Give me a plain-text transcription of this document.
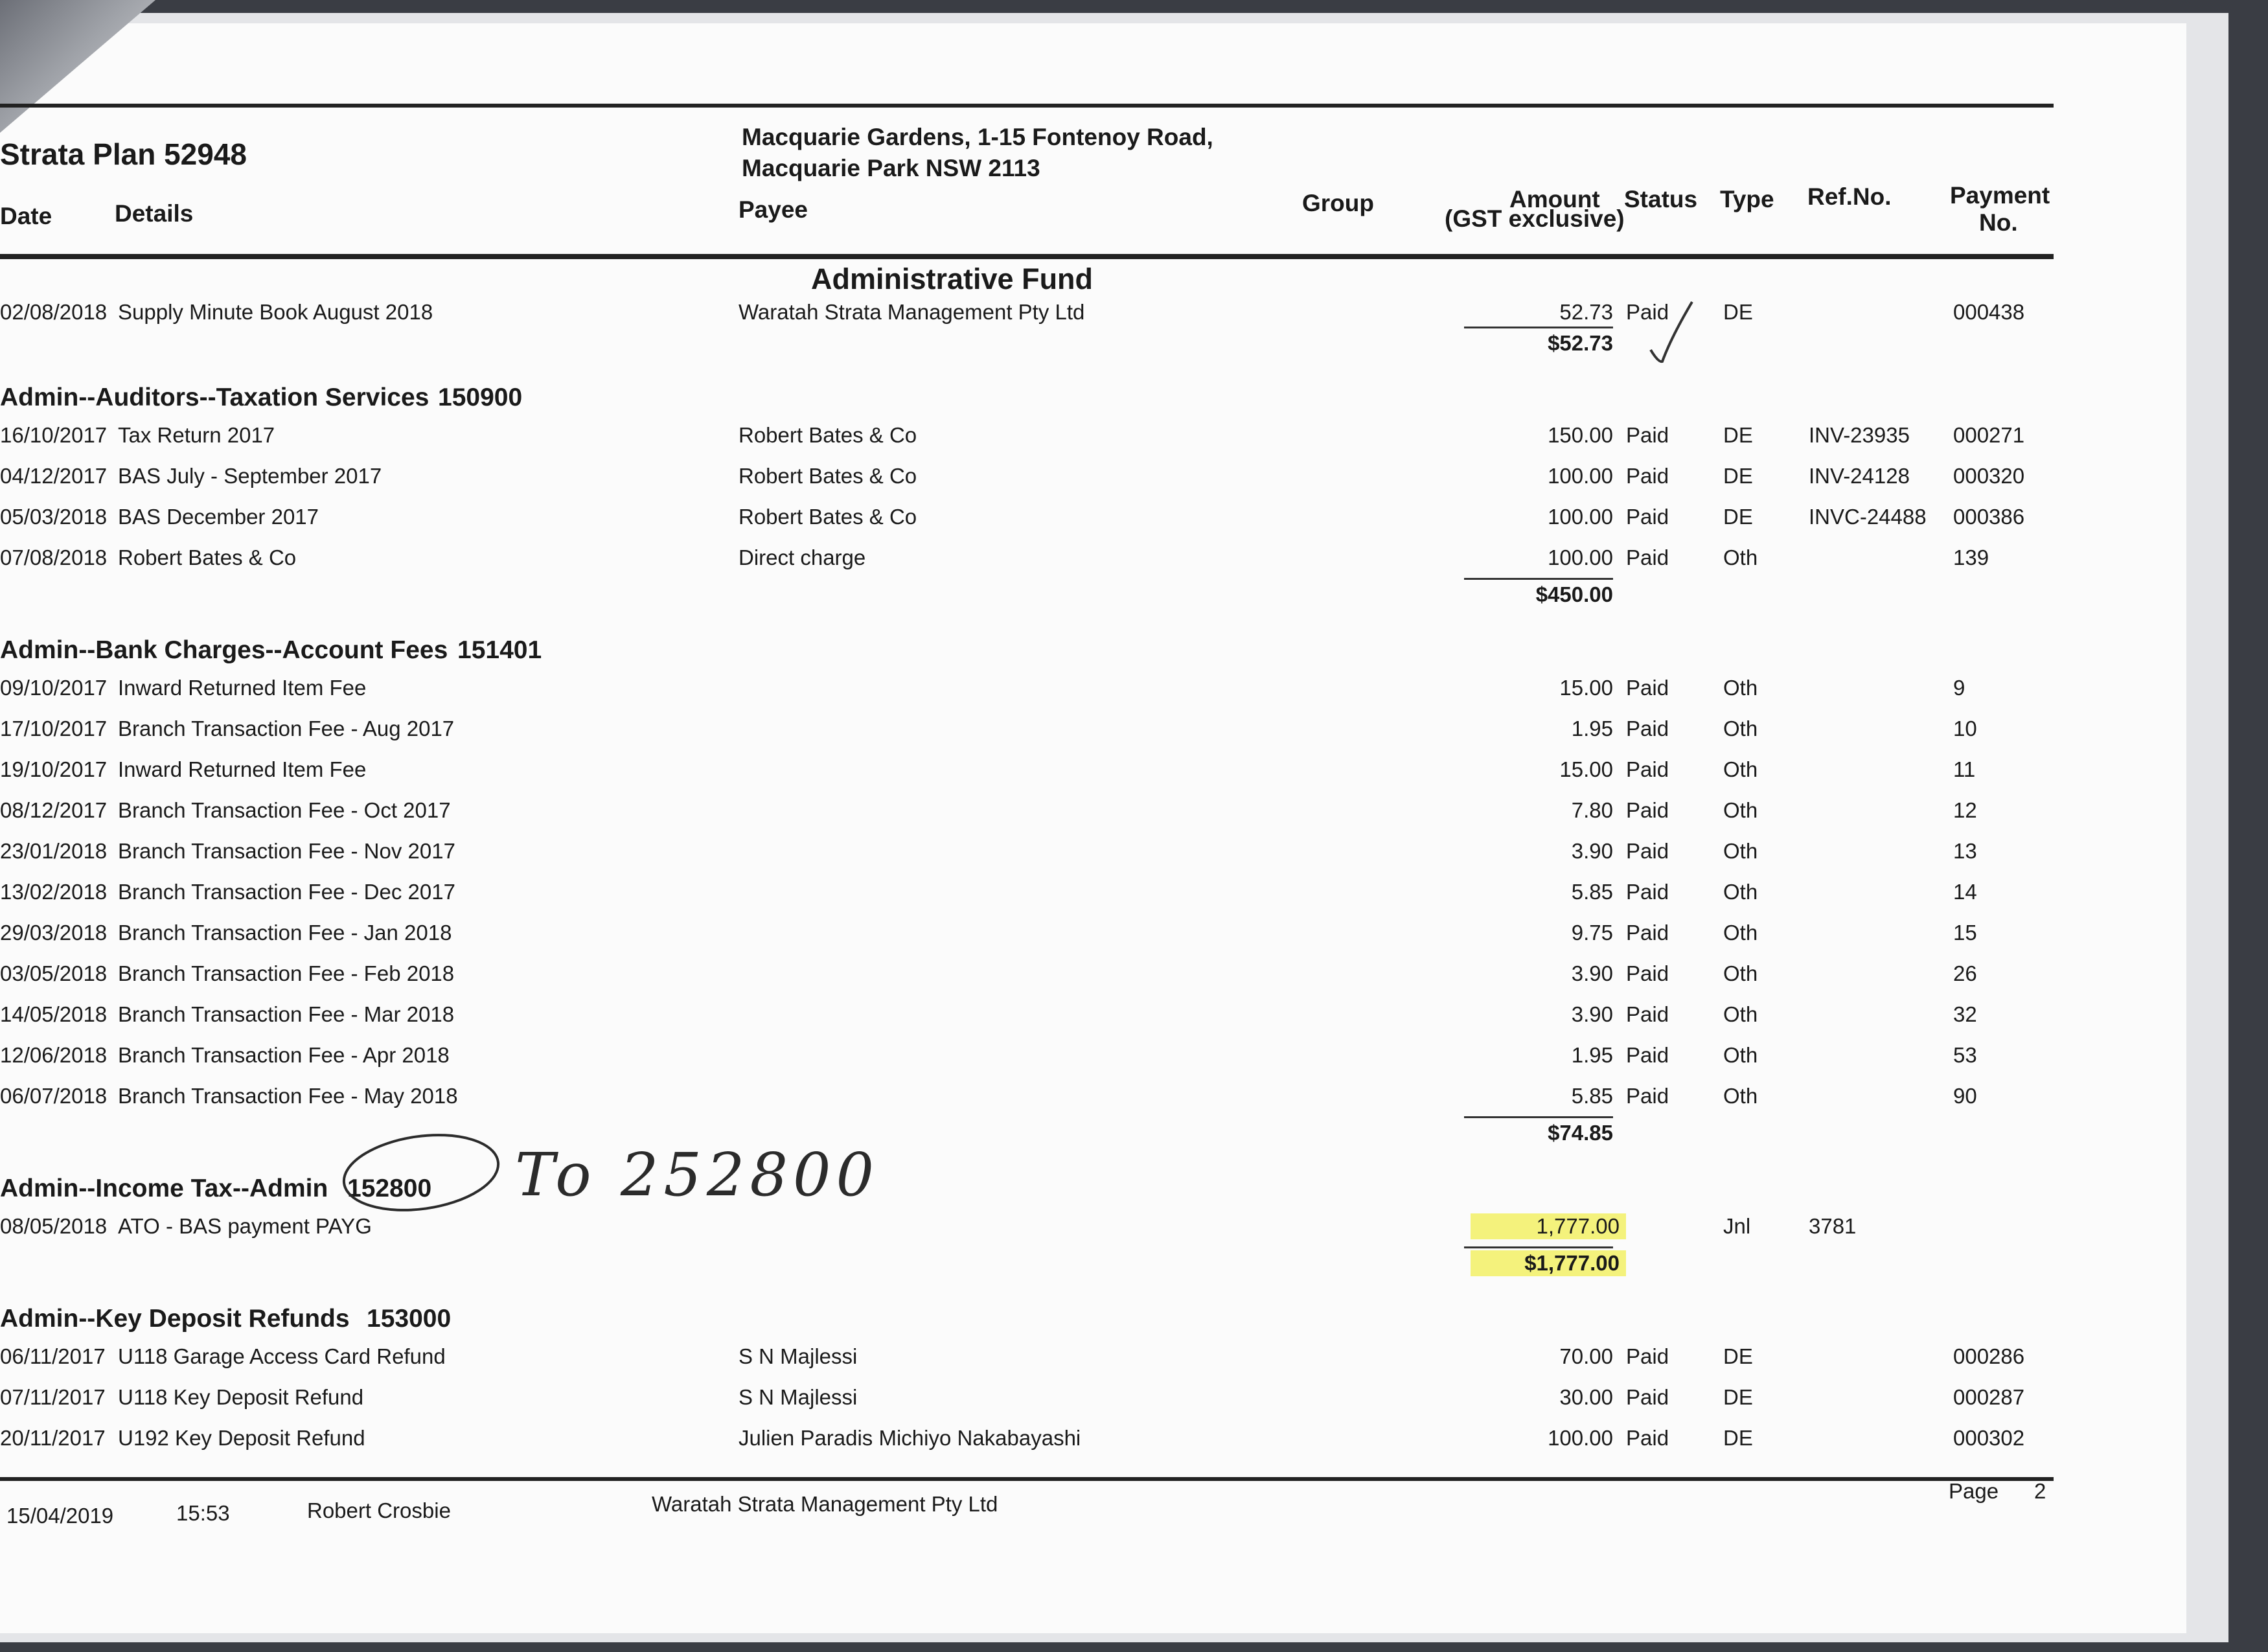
Strata Plan 52948
Macquarie Gardens, 1-15 Fontenoy Road,
Macquarie Park NSW 2113
Date	Details	Payee	Group	Amount
(GST exclusive)
Status Type Ref.No. Payment
No.
Administrative Fund
02/08/2018 Supply Minute Book August 2018	Waratah Strata Management Pty Ltd	52.73 Paid	DE	000438
$52.73
Admin--Auditors--Taxation Services 150900
16/10/2017 Tax Return 2017	Robert Bates & Co	150.00 Paid	DE	INV-23935 000271
04/12/2017 BAS July - September 2017	Robert Bates & Co	100.00 Paid	DE	INV-24128 000320
05/03/2018 BAS December 2017	Robert Bates & Co	100.00 Paid	DE	INVC-24488 000386
07/08/2018 Robert Bates & Co	Direct charge	100.00 Paid	Oth	139
$450.00
Admin--Bank Charges--Account Fees 151401
09/10/2017 Inward Returned Item Fee	15.00 Paid	Oth	9
17/10/2017 Branch Transaction Fee - Aug 2017	1.95 Paid	Oth	10
19/10/2017 Inward Returned Item Fee	15.00 Paid	Oth	11
08/12/2017 Branch Transaction Fee - Oct 2017	7.80 Paid	Oth	12
23/01/2018 Branch Transaction Fee - Nov 2017	3.90 Paid	Oth	13
13/02/2018 Branch Transaction Fee - Dec 2017	5.85 Paid	Oth	14
29/03/2018 Branch Transaction Fee - Jan 2018	9.75 Paid	Oth	15
03/05/2018 Branch Transaction Fee - Feb 2018	3.90 Paid	Oth	26
14/05/2018 Branch Transaction Fee - Mar 2018	3.90 Paid	Oth	32
12/06/2018 Branch Transaction Fee - Apr 2018	1.95 Paid	Oth	53
06/07/2018 Branch Transaction Fee - May 2018	5.85 Paid	Oth	90
$74.85
Admin--Income Tax--Admin 152800
08/05/2018 ATO - BAS payment PAYG	1,777.00	Jnl	3781
$1,777.00
Admin--Key Deposit Refunds 153000
06/11/2017 U118 Garage Access Card Refund	S N Majlessi	70.00 Paid	DE	000286
07/11/2017 U118 Key Deposit Refund	S N Majlessi	30.00 Paid	DE	000287
20/11/2017 U192 Key Deposit Refund	Julien Paradis Michiyo Nakabayashi	100.00 Paid	DE	000302
To 252800
15/04/2019	15:53	Robert Crosbie	Waratah Strata Management Pty Ltd
Page 2
